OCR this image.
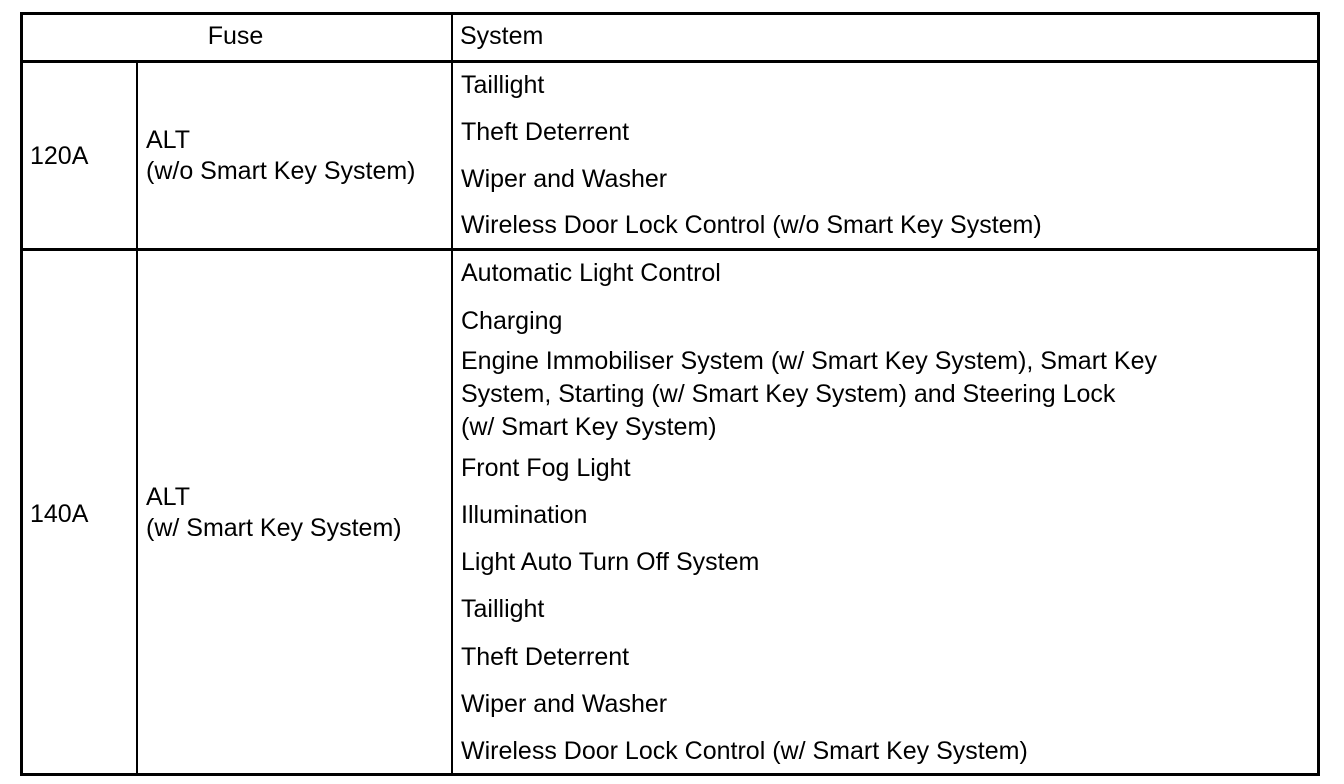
Fuse	System
120A
ALT
(w/o Smart Key System)
Taillight
Theft Deterrent
Wiper and Washer
Wireless Door Lock Control (w/o Smart Key System)
140A
ALT
(w/ Smart Key System)
Automatic Light Control
Charging
Engine Immobiliser System (w/ Smart Key System), Smart Key
System, Starting (w/ Smart Key System) and Steering Lock
(w/ Smart Key System)
Front Fog Light
Illumination
Light Auto Turn Off System
Taillight
Theft Deterrent
Wiper and Washer
Wireless Door Lock Control (w/ Smart Key System)
